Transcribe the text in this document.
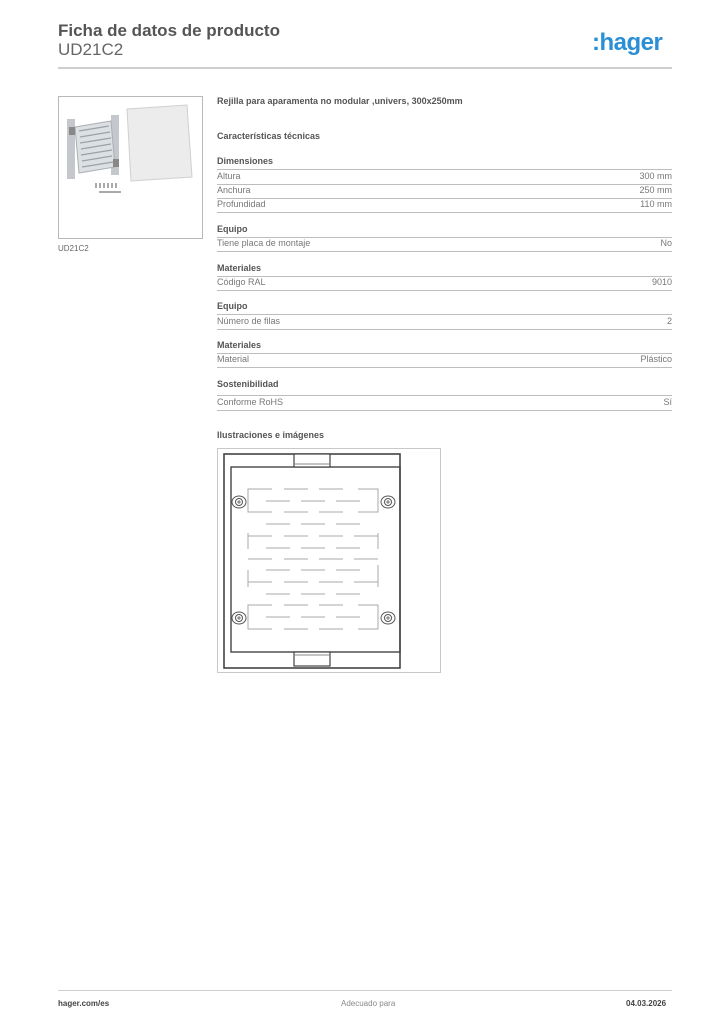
Ficha de datos de producto
UD21C2	:hager
UD21C2
Rejilla para aparamenta no modular ,univers, 300x250mm
Características técnicas
Dimensiones
Altura	300 mm
Anchura	250 mm
Profundidad	110 mm
Equipo
Tiene placa de montaje	No
Materiales
Código RAL	9010
Equipo
Número de filas	2
Materiales
Material	Plástico
Sostenibilidad
Conforme RoHS	Sí
Ilustraciones e imágenes
hager.com/es	Adecuado para	04.03.2026
